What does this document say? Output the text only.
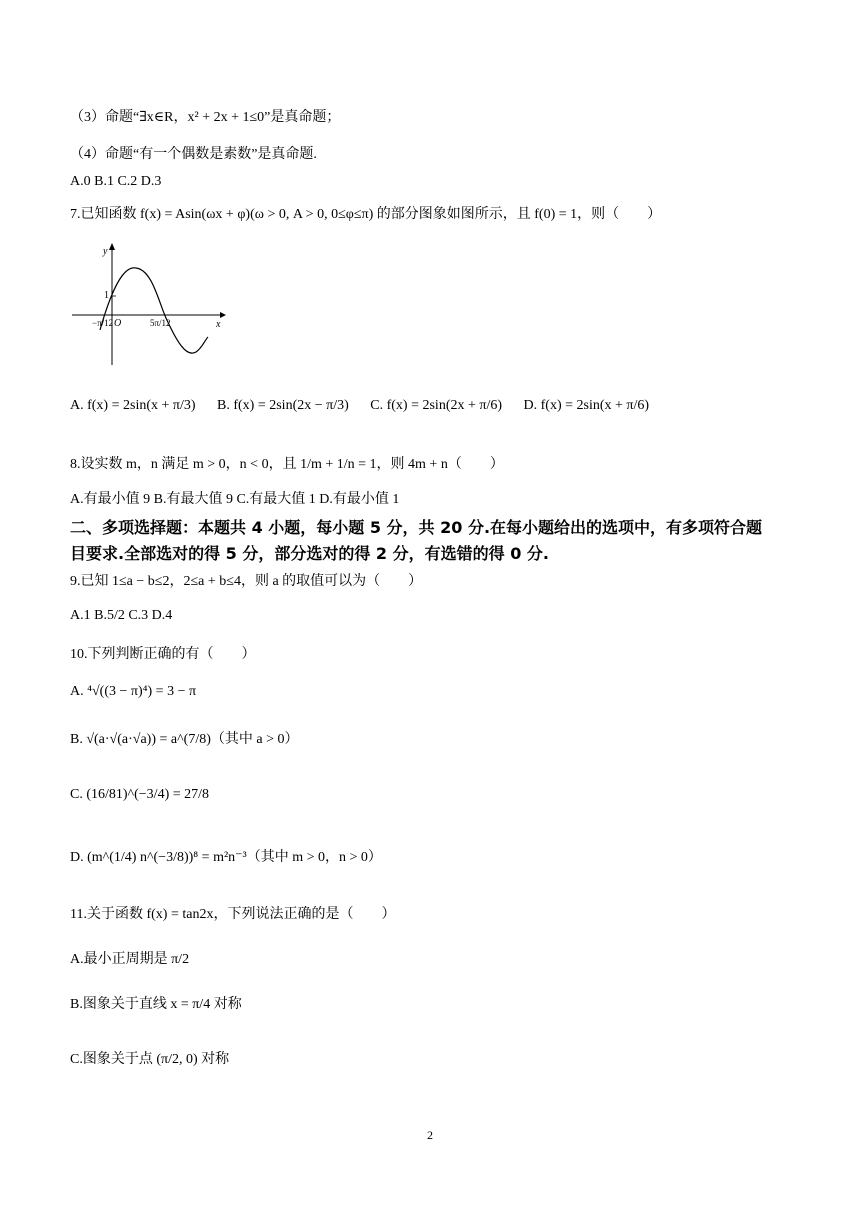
（3）命题“∃x∈R，x² + 2x + 1≤0”是真命题；
（4）命题“有一个偶数是素数”是真命题.
A.0 B.1 C.2 D.3
7.已知函数 f(x) = Asin(ωx + φ)(ω > 0, A > 0, 0≤φ≤π) 的部分图象如图所示，且 f(0) = 1，则（　　）
y
x
O
1
−π/12	5π/12
A. f(x) = 2sin(x + π/3) B. f(x) = 2sin(2x − π/3) C. f(x) = 2sin(2x + π/6) D. f(x) = 2sin(x + π/6)
8.设实数 m，n 满足 m > 0，n < 0，且 1/m + 1/n = 1，则 4m + n（　　）
A.有最小值 9 B.有最大值 9 C.有最大值 1 D.有最小值 1
二、多项选择题：本题共 4 小题，每小题 5 分，共 20 分.在每小题给出的选项中，有多项符合题
目要求.全部选对的得 5 分，部分选对的得 2 分，有选错的得 0 分.
9.已知 1≤a − b≤2，2≤a + b≤4，则 a 的取值可以为（　　）
A.1 B.5/2 C.3 D.4
10.下列判断正确的有（　　）
A. ⁴√((3 − π)⁴) = 3 − π
B. √(a·√(a·√a)) = a^(7/8)（其中 a > 0）
C. (16/81)^(−3/4) = 27/8
D. (m^(1/4) n^(−3/8))⁸ = m²n⁻³（其中 m > 0，n > 0）
11.关于函数 f(x) = tan2x，下列说法正确的是（　　）
A.最小正周期是 π/2
B.图象关于直线 x = π/4 对称
C.图象关于点 (π/2, 0) 对称
2
